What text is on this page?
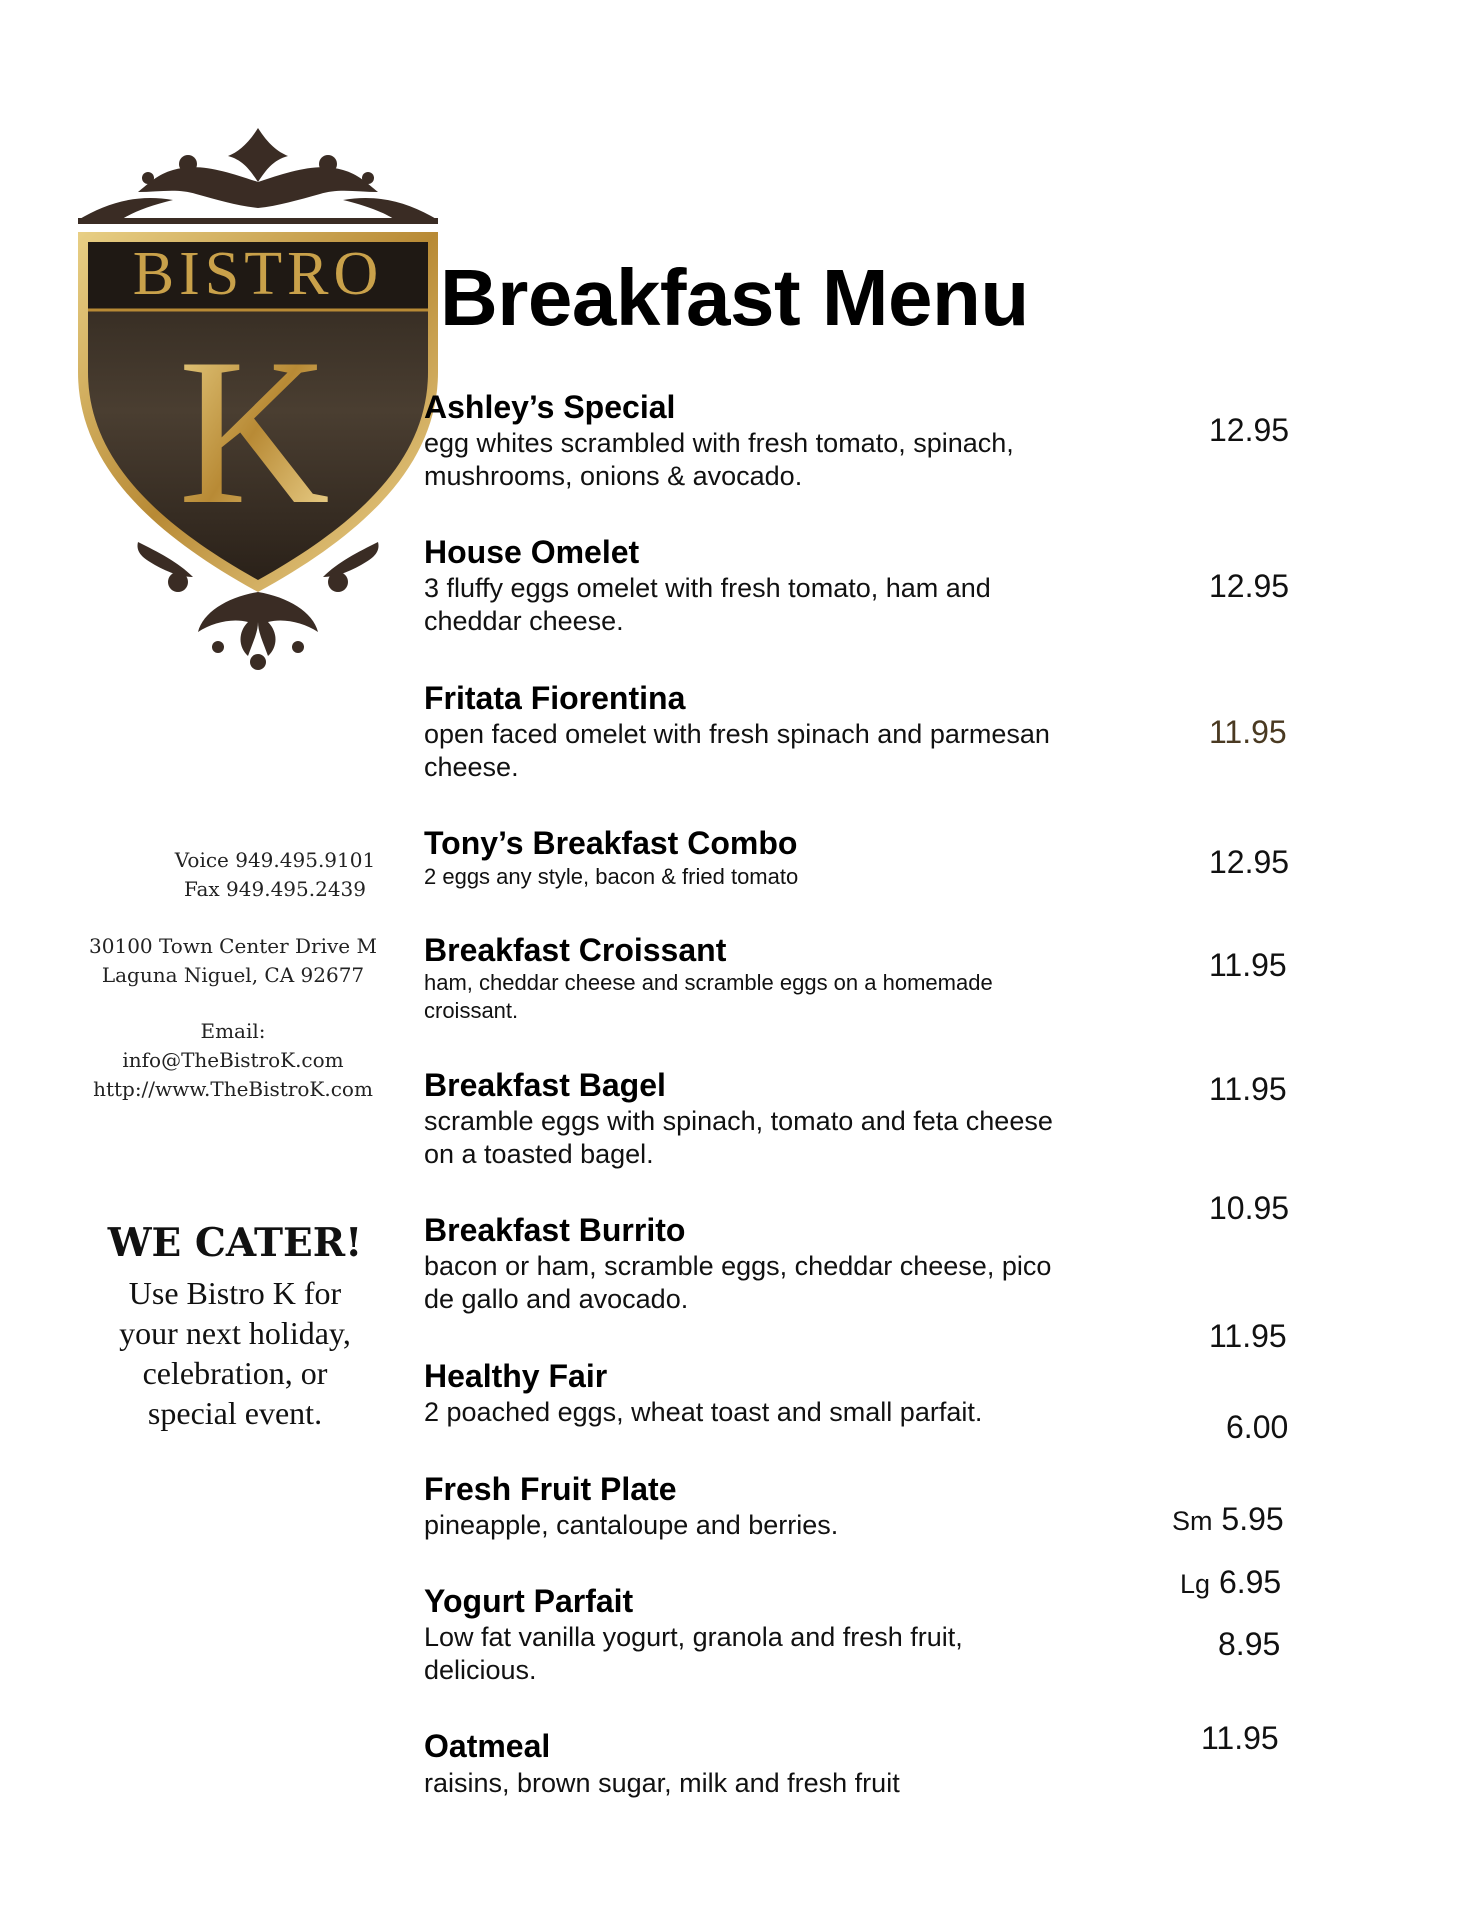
BISTRO
K
Voice 949.495.9101
Fax 949.495.2439
30100 Town Center Drive M
Laguna Niguel, CA 92677
Email:
info@TheBistroK.com
http://www.TheBistroK.com
WE CATER!
Use Bistro K for
your next holiday,
celebration, or
special event.
Breakfast Menu
Ashley’s Special
egg whites scrambled with fresh tomato, spinach,
mushrooms, onions & avocado.
House Omelet
3 fluffy eggs omelet with fresh tomato, ham and
cheddar cheese.
Fritata Fiorentina
open faced omelet with fresh spinach and parmesan
cheese.
Tony’s Breakfast Combo
2 eggs any style, bacon & fried tomato
Breakfast Croissant
ham, cheddar cheese and scramble eggs on a homemade
croissant.
Breakfast Bagel
scramble eggs with spinach, tomato and feta cheese
on a toasted bagel.
Breakfast Burrito
bacon or ham, scramble eggs, cheddar cheese, pico
de gallo and avocado.
Healthy Fair
2 poached eggs, wheat toast and small parfait.
Fresh Fruit Plate
pineapple, cantaloupe and berries.
Yogurt Parfait
Low fat vanilla yogurt, granola and fresh fruit,
delicious.
Oatmeal
raisins, brown sugar, milk and fresh fruit
12.95
12.95
11.95
12.95
11.95
11.95
10.95
11.95
6.00
Sm 5.95
Lg 6.95
8.95
11.95
